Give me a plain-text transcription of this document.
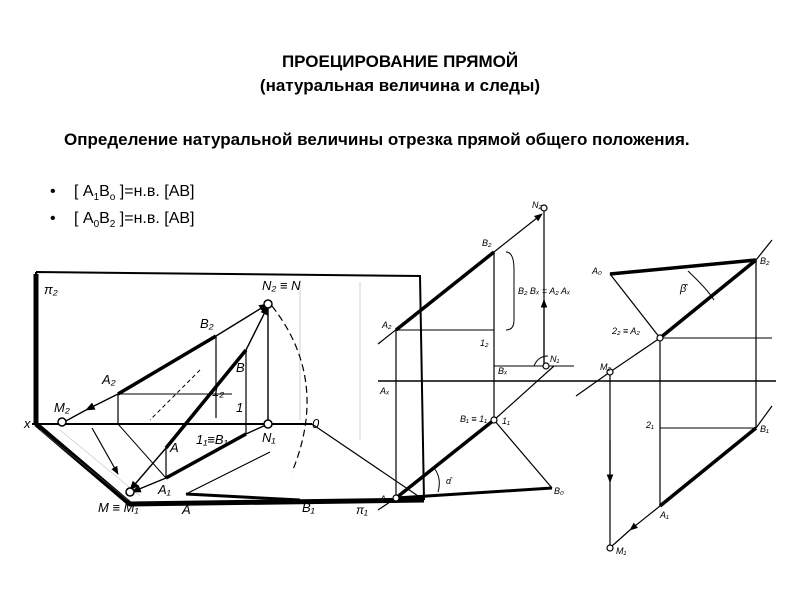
ПРОЕЦИРОВАНИЕ ПРЯМОЙ
(натуральная величина и следы)
Определение натуральной величины отрезка прямой общего положения.
• [ $А_1В_о$ ]=н.в. [АВ]
• [ $А_0В_2$ ]=н.в. [АВ]
π₂	N₂ ≡ N
B₂
B
A₂
1₂
1
M₂
x	0
A
1₁≡B₁	N₁
A₁
M ≡ M₁	A	B₁
N₂
B₂
A₂
B₂ Bₓ = A₂ Aₓ
1₂
Aₓ
Bₓ
N₁
B₁ ≡ 1₁ 1₁
α̂
A₁
B₀
π₁
A₀
β̂
B₂
2₂ ≡ A₂
M₂
2₁	B₁
A₁
M₁
